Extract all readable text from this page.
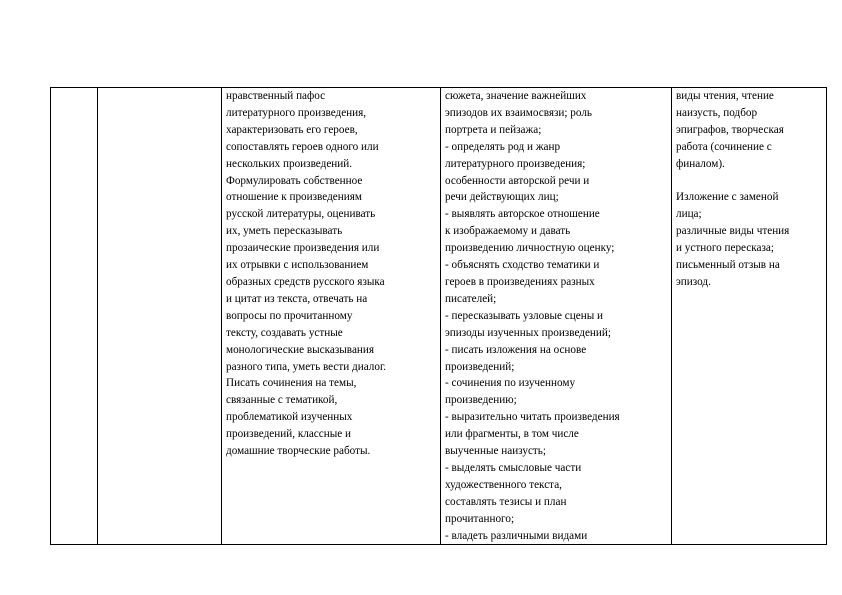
нравственный пафос
литературного произведения,
характеризовать его героев,
сопоставлять героев одного или
нескольких произведений.
Формулировать собственное
отношение к произведениям
русской литературы, оценивать
их, уметь пересказывать
прозаические произведения или
их отрывки с использованием
образных средств русского языка
и цитат из текста, отвечать на
вопросы по прочитанному
тексту, создавать устные
монологические высказывания
разного типа, уметь вести диалог.
Писать сочинения на темы,
связанные с тематикой,
проблематикой изученных
произведений, классные и
домашние творческие работы.

сюжета, значение важнейших
эпизодов их взаимосвязи; роль
портрета и пейзажа;
- определять род и жанр
литературного произведения;
особенности авторской речи и
речи действующих лиц;
- выявлять авторское отношение
к изображаемому и давать
произведению личностную оценку;
- объяснять сходство тематики и
героев в произведениях разных
писателей;
- пересказывать узловые сцены и
эпизоды изученных произведений;
- писать изложения на основе
произведений;
- сочинения по изученному
произведению;
- выразительно читать произведения
или фрагменты, в том числе
выученные наизусть;
- выделять смысловые части
художественного текста,
составлять тезисы и план
прочитанного;
- владеть различными видами

виды чтения, чтение
наизусть, подбор
эпиграфов, творческая
работа (сочинение с
финалом).
Изложение с заменой
лица;
различные виды чтения
и устного пересказа;
письменный отзыв на
эпизод.
